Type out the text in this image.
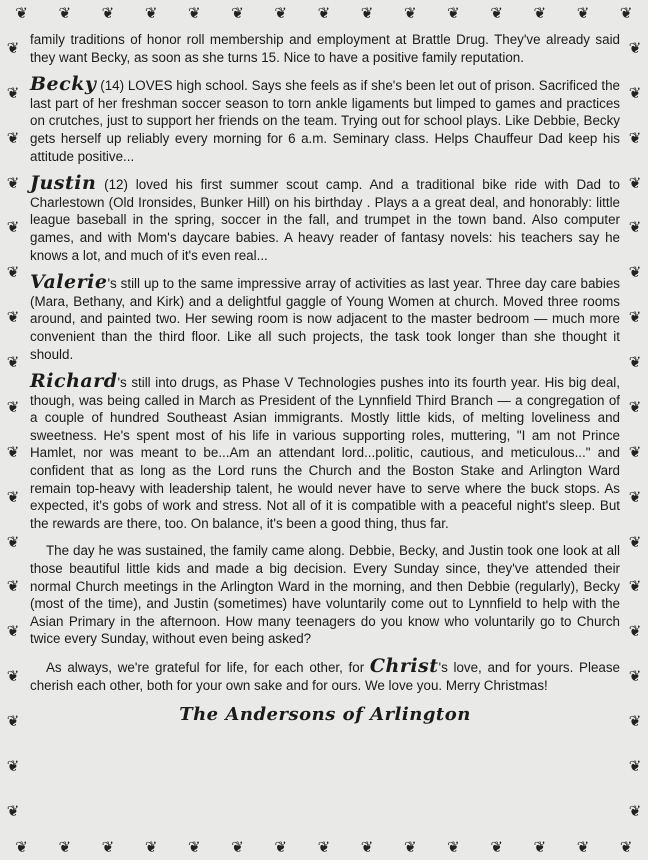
❦ ❦ ❦ ❦ ❦ ❦ ❦ ❦ ❦ ❦ ❦ ❦ ❦ ❦ ❦
❦ ❦ ❦ ❦ ❦ ❦ ❦ ❦ ❦ ❦ ❦ ❦ ❦ ❦ ❦
❦
❦
❦
❦
❦
❦
❦
❦
❦
❦
❦
❦
❦
❦
❦
❦
❦
❦
❦
❦
❦
❦
❦
❦
❦
❦
❦
❦
❦
❦
❦
❦
❦
❦
❦
❦

family traditions of honor roll membership and employment at Brattle Drug. They've already said they want Becky, as soon as she turns 15. Nice to have a positive family reputation.

Becky (14) LOVES high school. Says she feels as if she's been let out of prison. Sacrificed the last part of her freshman soccer season to torn ankle ligaments but limped to games and practices on crutches, just to support her friends on the team. Trying out for school plays. Like Debbie, Becky gets herself up reliably every morning for 6 a.m. Seminary class. Helps Chauffeur Dad keep his attitude positive...

Justin (12) loved his first summer scout camp. And a traditional bike ride with Dad to Charlestown (Old Ironsides, Bunker Hill) on his birthday . Plays a a great deal, and honorably: little league baseball in the spring, soccer in the fall, and trumpet in the town band. Also computer games, and with Mom's daycare babies. A heavy reader of fantasy novels: his teachers say he knows a lot, and much of it's even real...

Valerie's still up to the same impressive array of activities as last year. Three day care babies (Mara, Bethany, and Kirk) and a delightful gaggle of Young Women at church. Moved three rooms around, and painted two. Her sewing room is now adjacent to the master bedroom — much more convenient than the third floor. Like all such projects, the task took longer than she thought it should.

Richard's still into drugs, as Phase V Technologies pushes into its fourth year. His big deal, though, was being called in March as President of the Lynnfield Third Branch — a congregation of a couple of hundred Southeast Asian immigrants. Mostly little kids, of melting loveliness and sweetness. He's spent most of his life in various supporting roles, muttering, "I am not Prince Hamlet, nor was meant to be...Am an attendant lord...politic, cautious, and meticulous..." and confident that as long as the Lord runs the Church and the Boston Stake and Arlington Ward remain top-heavy with leadership talent, he would never have to serve where the buck stops. As expected, it's gobs of work and stress. Not all of it is compatible with a peaceful night's sleep. But the rewards are there, too. On balance, it's been a good thing, thus far.

The day he was sustained, the family came along. Debbie, Becky, and Justin took one look at all those beautiful little kids and made a big decision. Every Sunday since, they've attended their normal Church meetings in the Arlington Ward in the morning, and then Debbie (regularly), Becky (most of the time), and Justin (sometimes) have voluntarily come out to Lynnfield to help with the Asian Primary in the afternoon. How many teenagers do you know who voluntarily go to Church twice every Sunday, without even being asked?

As always, we're grateful for life, for each other, for Christ's love, and for yours. Please cherish each other, both for your own sake and for ours. We love you. Merry Christmas!

The Andersons of Arlington
